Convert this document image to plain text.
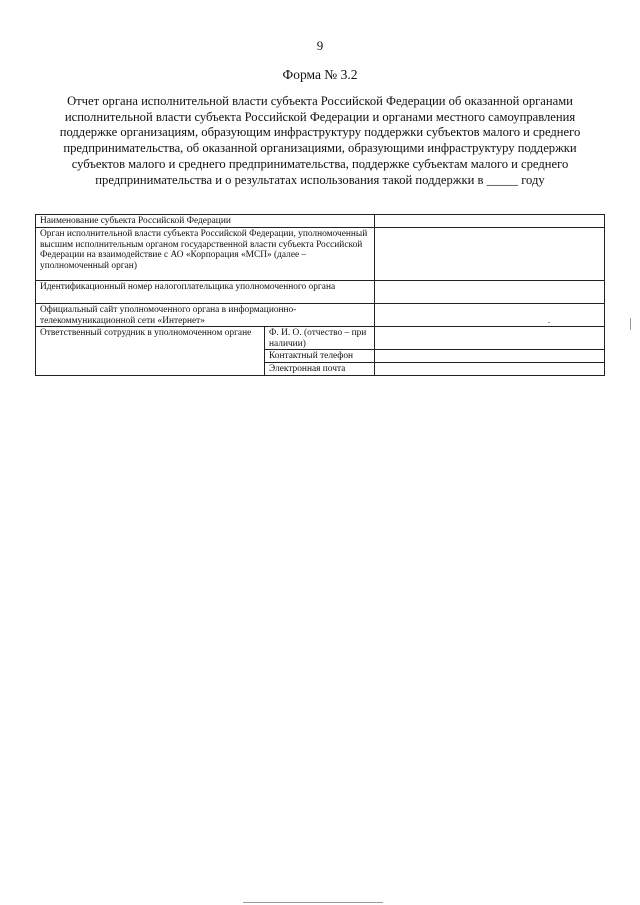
9
Форма № 3.2
Отчет органа исполнительной власти субъекта Российской Федерации об оказанной органами исполнительной власти субъекта Российской Федерации и органами местного самоуправления поддержке организациям, образующим инфраструктуру поддержки субъектов малого и среднего предпринимательства, об оказанной организациями, образующими инфраструктуру поддержки субъектов малого и среднего предпринимательства, поддержке субъектам малого и среднего предпринимательства и о результатах использования такой поддержки в _____ году
Наименование субъекта Российской Федерации		
Орган исполнительной власти субъекта Российской Федерации, уполномоченный высшим исполнительным органом государственной власти субъекта Российской Федерации на взаимодействие с АО «Корпорация «МСП» (далее – уполномоченный орган)		
Идентификационный номер налогоплательщика уполномоченного органа		
Официальный сайт уполномоченного органа в информационно-телекоммуникационной сети «Интернет»		
Ответственный сотрудник в уполномоченном органе	Ф. И. О. (отчество – при наличии)	
	Контактный телефон	
	Электронная почта	
